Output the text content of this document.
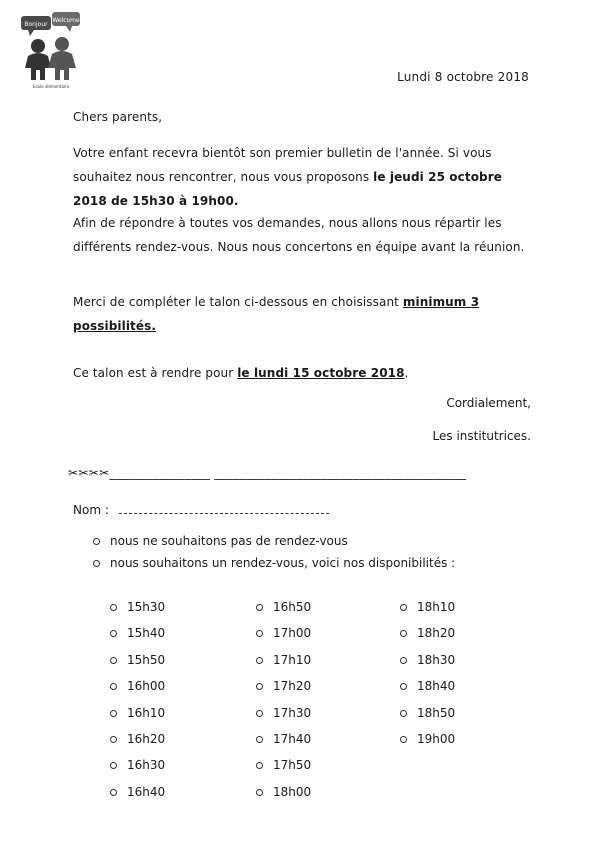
Bonjour
Welcome
Ecole élémentaire
Lundi 8 octobre 2018
Chers parents,
Votre enfant recevra bientôt son premier bulletin de l'année. Si vous souhaitez nous rencontrer, nous vous proposons le jeudi 25 octobre 2018 de 15h30 à 19h00.
Afin de répondre à toutes vos demandes, nous allons nous répartir les différents rendez-vous. Nous nous concertons en équipe avant la réunion.
Merci de compléter le talon ci-dessous en choisissant minimum 3 possibilités.
Ce talon est à rendre pour le lundi 15 octobre 2018.
Cordialement,
Les institutrices.
✂✂✂✂________________ ________________________________________
Nom :
nous ne souhaitons pas de rendez-vous
nous souhaitons un rendez-vous, voici nos disponibilités :
15h30
15h40
15h50
16h00
16h10
16h20
16h30
16h40
16h50
17h00
17h10
17h20
17h30
17h40
17h50
18h00
18h10
18h20
18h30
18h40
18h50
19h00
